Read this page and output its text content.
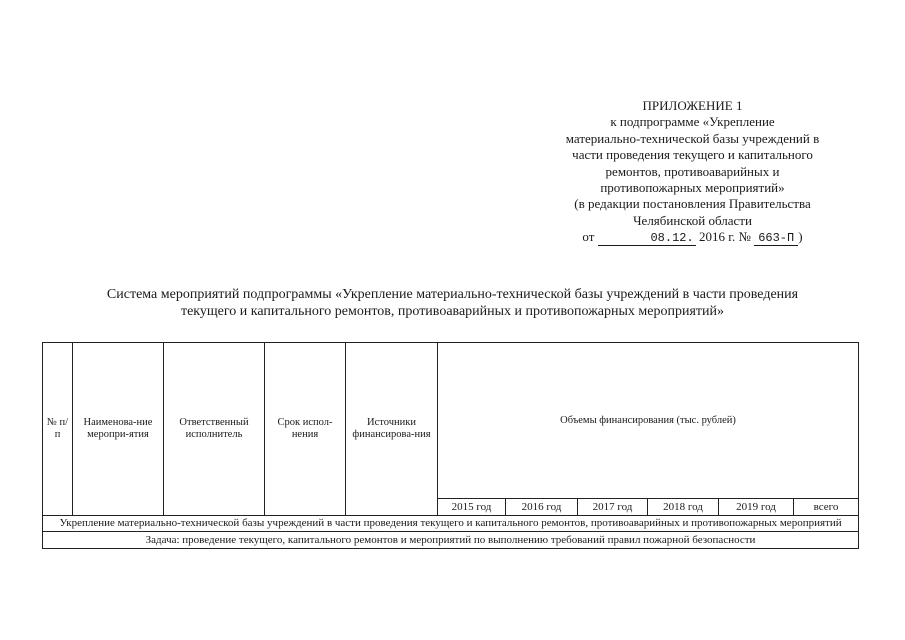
ПРИЛОЖЕНИЕ 1
к подпрограмме «Укрепление
материально-технической базы учреждений в
части проведения текущего и капитального
ремонтов, противоаварийных и
противопожарных мероприятий»
(в редакции постановления Правительства
Челябинской области
от	08.12. 2016 г. № 663-П )
Система мероприятий подпрограммы «Укрепление материально-технической базы учреждений в части проведения
текущего и капитального ремонтов, противоаварийных и противопожарных мероприятий»
№ п/п	Наименова-ние меропри-ятия	Ответственный исполнитель	Срок испол-нения	Источники финансирова-ния	Объемы финансирования (тыс. рублей)					
					2015 год	2016 год	2017 год	2018 год	2019 год	всего
Укрепление материально-технической базы учреждений в части проведения текущего и капитального ремонтов, противоаварийных и противопожарных мероприятий										
Задача: проведение текущего, капитального ремонтов и мероприятий по выполнению требований правил пожарной безопасности										
